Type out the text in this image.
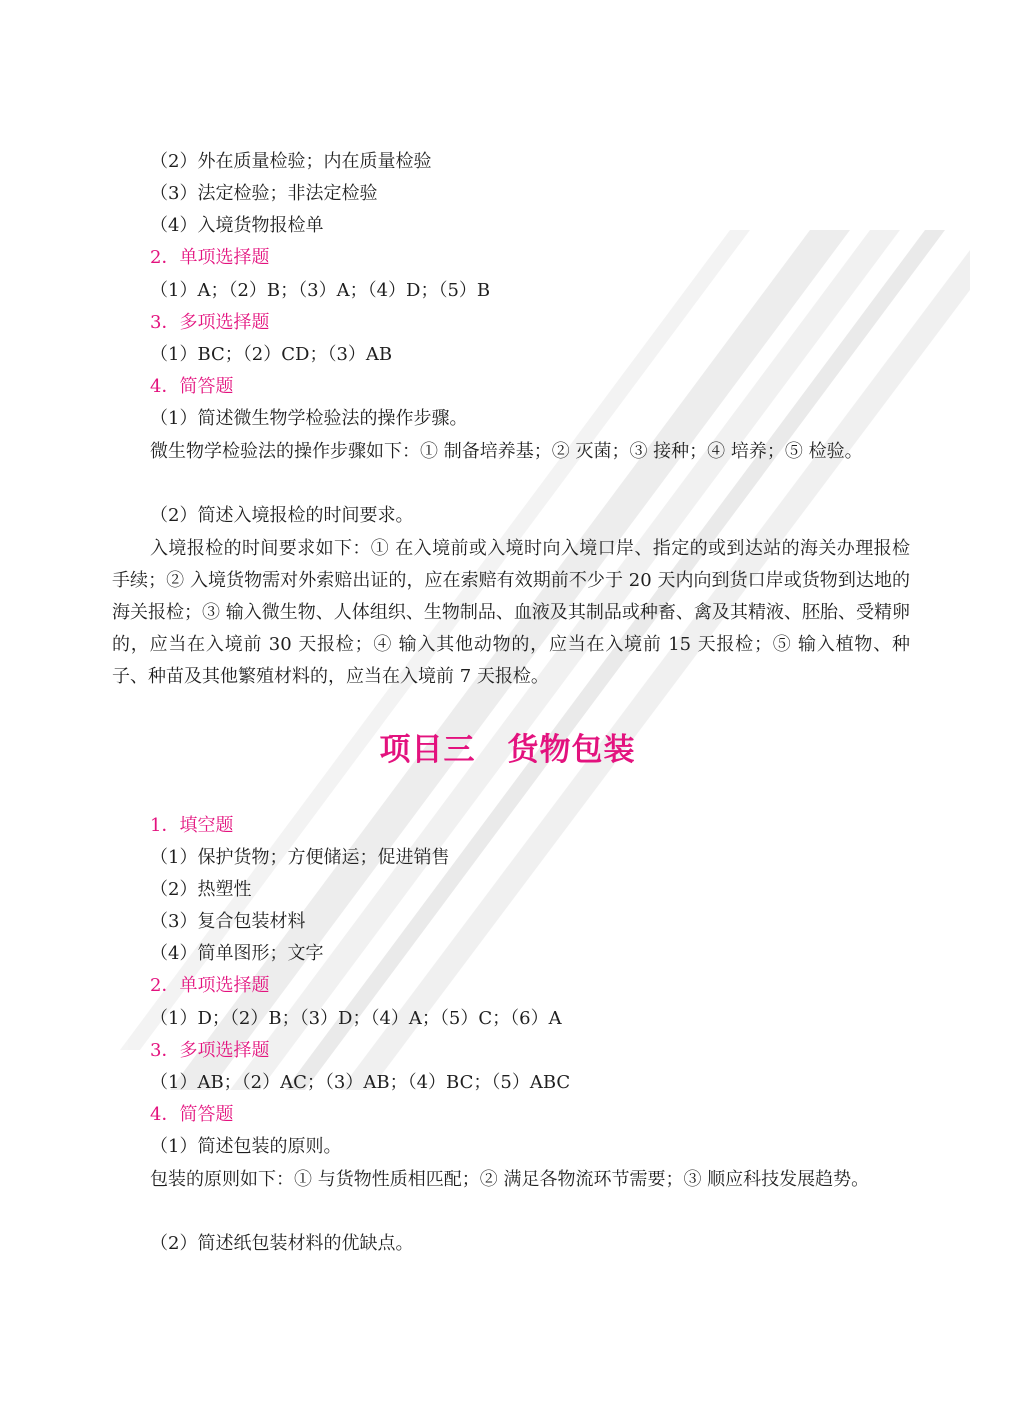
（2）外在质量检验；内在质量检验
（3）法定检验；非法定检验
（4）入境货物报检单
2．单项选择题
（1）A；（2）B；（3）A；（4）D；（5）B
3．多项选择题
（1）BC；（2）CD；（3）AB
4．简答题
（1）简述微生物学检验法的操作步骤。
微生物学检验法的操作步骤如下：① 制备培养基；② 灭菌；③ 接种；④ 培养；⑤ 检验。
（2）简述入境报检的时间要求。
入境报检的时间要求如下：① 在入境前或入境时向入境口岸、指定的或到达站的海关办理报检手续；② 入境货物需对外索赔出证的，应在索赔有效期前不少于 20 天内向到货口岸或货物到达地的海关报检；③ 输入微生物、人体组织、生物制品、血液及其制品或种畜、禽及其精液、胚胎、受精卵的，应当在入境前 30 天报检；④ 输入其他动物的，应当在入境前 15 天报检；⑤ 输入植物、种子、种苗及其他繁殖材料的，应当在入境前 7 天报检。
项目三　货物包装
1．填空题
（1）保护货物；方便储运；促进销售
（2）热塑性
（3）复合包装材料
（4）简单图形；文字
2．单项选择题
（1）D；（2）B；（3）D；（4）A；（5）C；（6）A
3．多项选择题
（1）AB；（2）AC；（3）AB；（4）BC；（5）ABC
4．简答题
（1）简述包装的原则。
包装的原则如下：① 与货物性质相匹配；② 满足各物流环节需要；③ 顺应科技发展趋势。
（2）简述纸包装材料的优缺点。
